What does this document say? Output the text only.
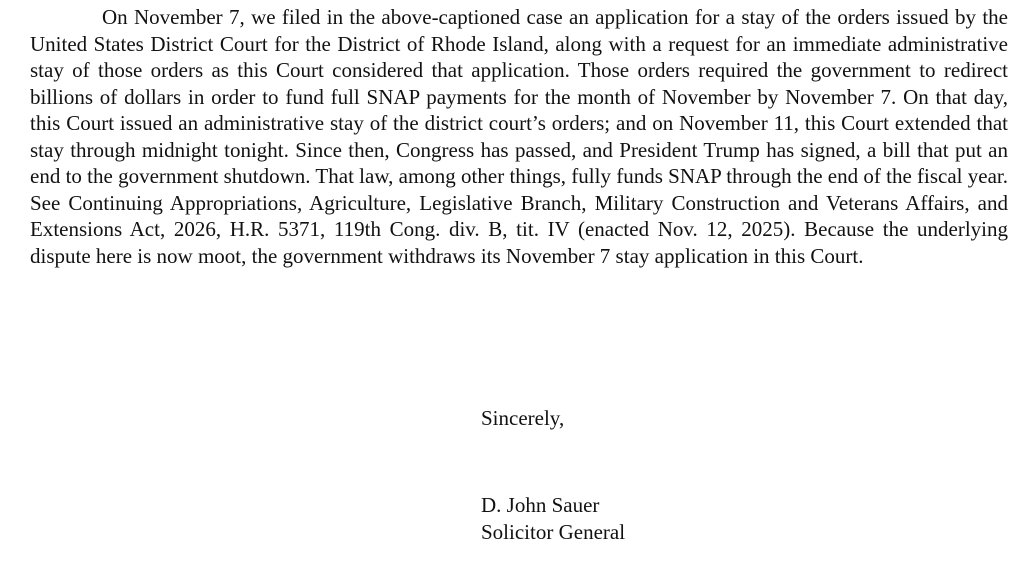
On November 7, we filed in the above-captioned case an application for a stay of the orders issued by the United States District Court for the District of Rhode Island, along with a request for an immediate administrative stay of those orders as this Court considered that application. Those orders required the government to redirect billions of dollars in order to fund full SNAP payments for the month of November by November 7. On that day, this Court issued an administrative stay of the district court’s orders; and on November 11, this Court extended that stay through midnight tonight. Since then, Congress has passed, and President Trump has signed, a bill that put an end to the government shutdown. That law, among other things, fully funds SNAP through the end of the fiscal year. See Continuing Appropriations, Agriculture, Legislative Branch, Military Construction and Veterans Affairs, and Extensions Act, 2026, H.R. 5371, 119th Cong. div. B, tit. IV (enacted Nov. 12, 2025). Because the underlying dispute here is now moot, the government withdraws its November 7 stay application in this Court.

Sincerely,
D. John Sauer
Solicitor General
